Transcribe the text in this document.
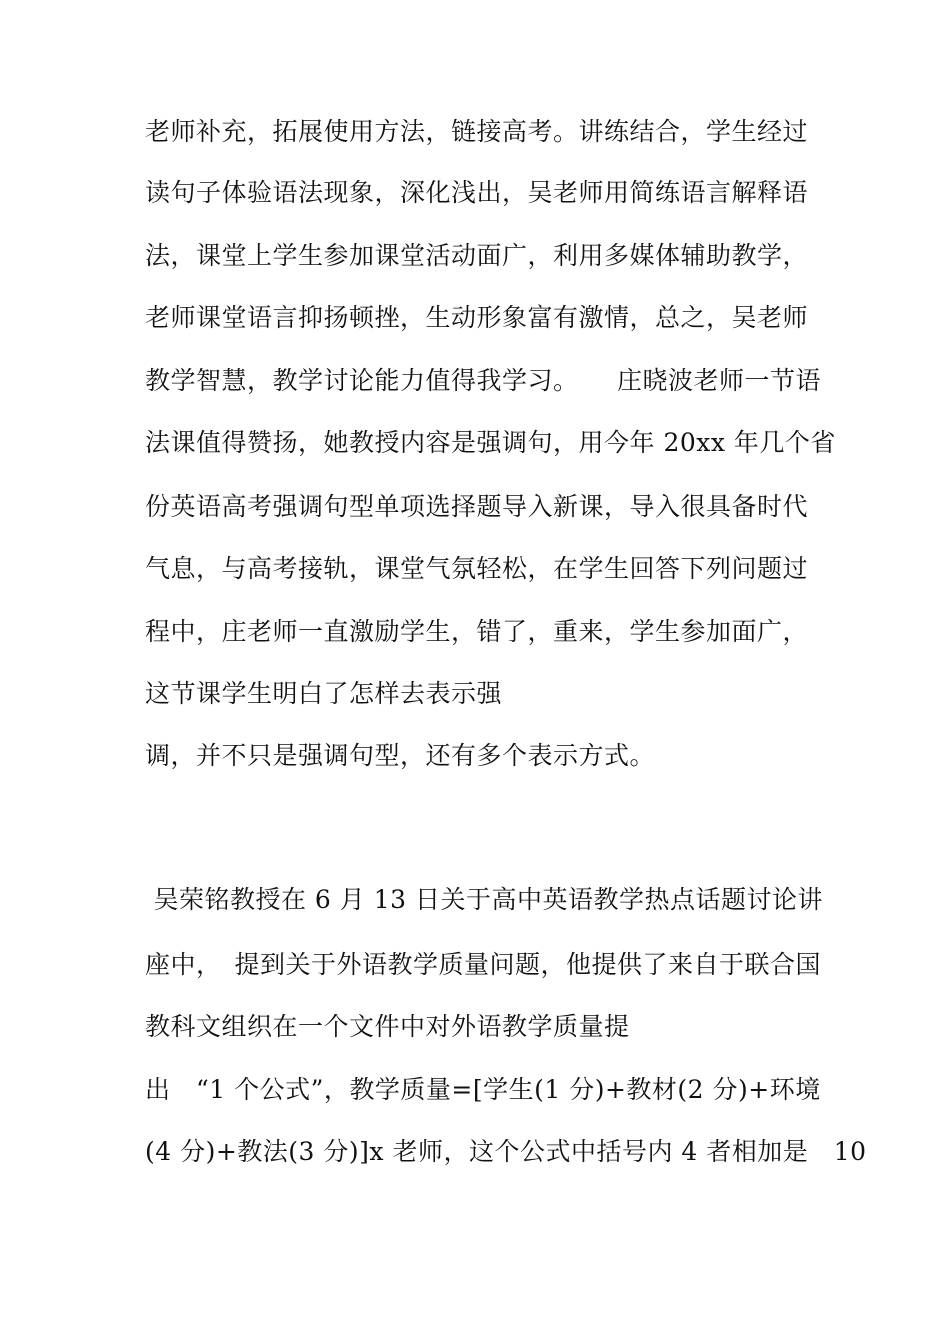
老师补充，拓展使用方法，链接高考。讲练结合，学生经过
读句子体验语法现象，深化浅出，吴老师用简练语言解释语
法，课堂上学生参加课堂活动面广，利用多媒体辅助教学，
老师课堂语言抑扬顿挫，生动形象富有激情，总之，吴老师
教学智慧，教学讨论能力值得我学习。　　庄晓波老师一节语
法课值得赞扬，她教授内容是强调句，用今年 20xx 年几个省
份英语高考强调句型单项选择题导入新课，导入很具备时代
气息，与高考接轨，课堂气氛轻松，在学生回答下列问题过
程中，庄老师一直激励学生，错了，重来，学生参加面广，
这节课学生明白了怎样去表示强
调，并不只是强调句型，还有多个表示方式。
吴荣铭教授在 6 月 13 日关于高中英语教学热点话题讨论讲
座中，　提到关于外语教学质量问题，他提供了来自于联合国
教科文组织在一个文件中对外语教学质量提
出　“1 个公式”，教学质量=[学生(1 分)+教材(2 分)+环境
(4 分)+教法(3 分)]x 老师，这个公式中括号内 4 者相加是　10
